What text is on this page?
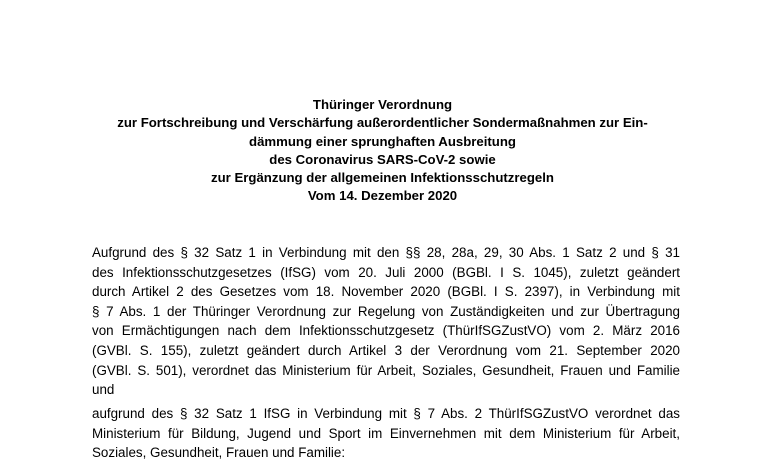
Thüringer Verordnung
zur Fortschreibung und Verschärfung außerordentlicher Sondermaßnahmen zur Ein-
dämmung einer sprunghaften Ausbreitung
des Coronavirus SARS-CoV-2 sowie
zur Ergänzung der allgemeinen Infektionsschutzregeln
Vom 14. Dezember 2020
Aufgrund des § 32 Satz 1 in Verbindung mit den §§ 28, 28a, 29, 30 Abs. 1 Satz 2 und § 31
des Infektionsschutzgesetzes (IfSG) vom 20. Juli 2000 (BGBl. I S. 1045), zuletzt geändert
durch Artikel 2 des Gesetzes vom 18. November 2020 (BGBl. I S. 2397), in Verbindung mit
§ 7 Abs. 1 der Thüringer Verordnung zur Regelung von Zuständigkeiten und zur Übertragung
von Ermächtigungen nach dem Infektionsschutzgesetz (ThürIfSGZustVO) vom 2. März 2016
(GVBl. S. 155), zuletzt geändert durch Artikel 3 der Verordnung vom 21. September 2020
(GVBl. S. 501), verordnet das Ministerium für Arbeit, Soziales, Gesundheit, Frauen und Familie
und
aufgrund des § 32 Satz 1 IfSG in Verbindung mit § 7 Abs. 2 ThürIfSGZustVO verordnet das
Ministerium für Bildung, Jugend und Sport im Einvernehmen mit dem Ministerium für Arbeit,
Soziales, Gesundheit, Frauen und Familie:
